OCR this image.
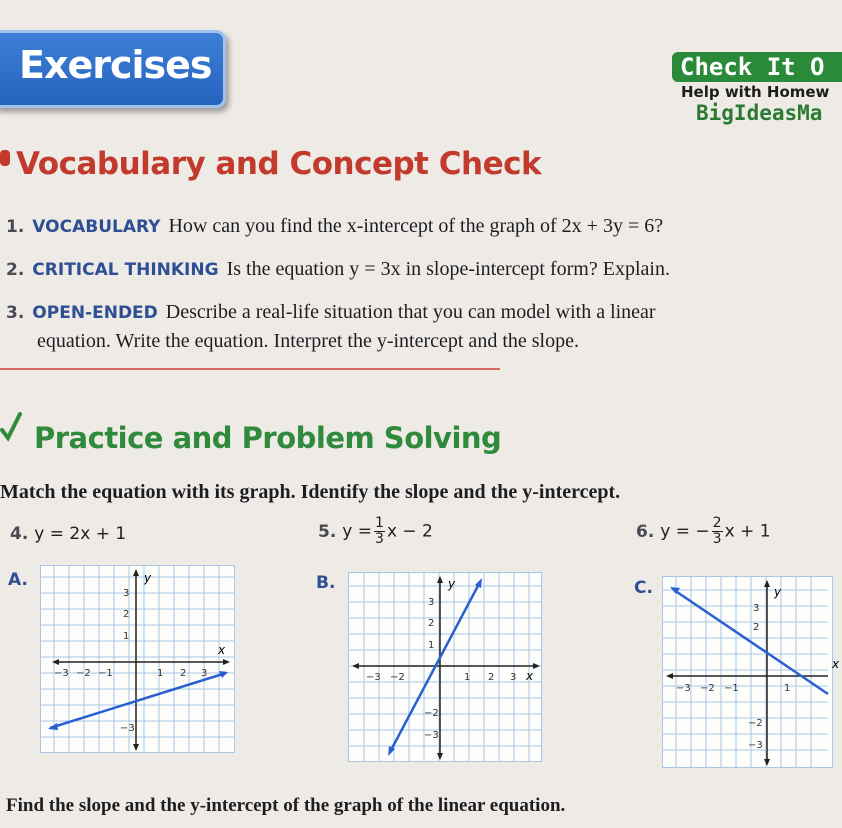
Exercises	Check It O
Help with Homew
BigIdeasMa
Vocabulary and Concept Check
1. VOCABULARY How can you find the x-intercept of the graph of 2x + 3y = 6?
2. CRITICAL THINKING Is the equation y = 3x in slope-intercept form? Explain.
3. OPEN-ENDED Describe a real-life situation that you can model with a linear
equation. Write the equation. Interpret the y-intercept and the slope.
Practice and Problem Solving
Match the equation with its graph. Identify the slope and the y-intercept.
4. y = 2x + 1	5. $y = \frac{1}{3}$ x − 2	6. y = − $\frac{2}{3}$ x + 1
A.	y
x
−3 −2 −1	1 2 3
3
2
1
−3
B.	y
x
−3 −2	1 2 3
3
2
1
−2
−3
C.	y
x
−3 −2 −1	1
3
2
−2
−3
Find the slope and the y-intercept of the graph of the linear equation.
